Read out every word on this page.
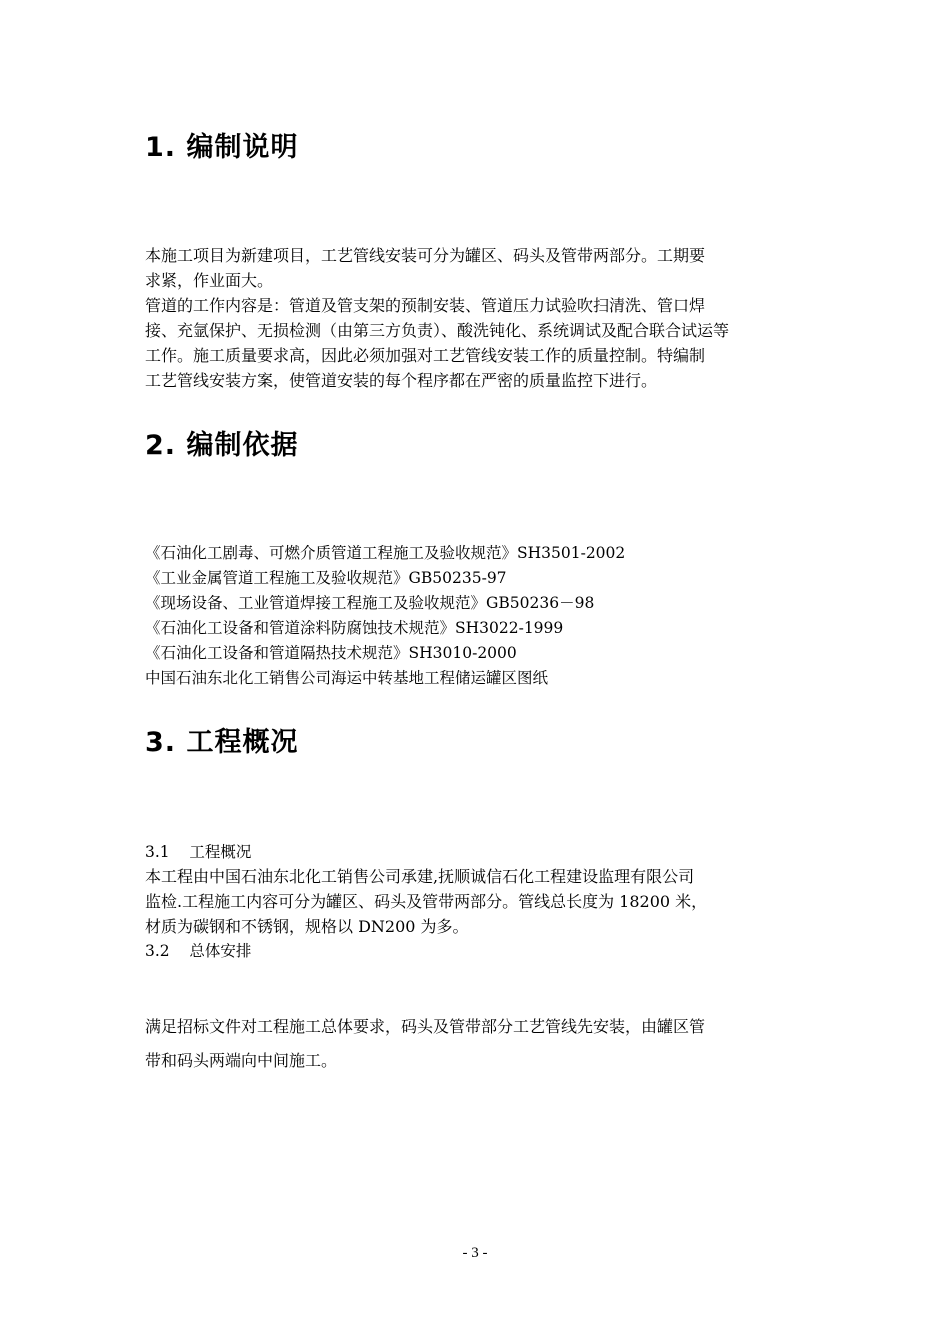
1. 编制说明
本施工项目为新建项目，工艺管线安装可分为罐区、码头及管带两部分。工期要
求紧，作业面大。
管道的工作内容是：管道及管支架的预制安装、管道压力试验吹扫清洗、管口焊
接、充氩保护、无损检测（由第三方负责）、酸洗钝化、系统调试及配合联合试运等
工作。施工质量要求高，因此必须加强对工艺管线安装工作的质量控制。特编制
工艺管线安装方案，使管道安装的每个程序都在严密的质量监控下进行。
2. 编制依据
《石油化工剧毒、可燃介质管道工程施工及验收规范》SH3501-2002
《工业金属管道工程施工及验收规范》GB50235-97
《现场设备、工业管道焊接工程施工及验收规范》GB50236－98
《石油化工设备和管道涂料防腐蚀技术规范》SH3022-1999
《石油化工设备和管道隔热技术规范》SH3010-2000
中国石油东北化工销售公司海运中转基地工程储运罐区图纸
3. 工程概况
3.1    工程概况
本工程由中国石油东北化工销售公司承建,抚顺诚信石化工程建设监理有限公司
监检.工程施工内容可分为罐区、码头及管带两部分。管线总长度为 18200 米，
材质为碳钢和不锈钢，规格以 DN200 为多。
3.2    总体安排
满足招标文件对工程施工总体要求，码头及管带部分工艺管线先安装，由罐区管
带和码头两端向中间施工。
- 3 -
